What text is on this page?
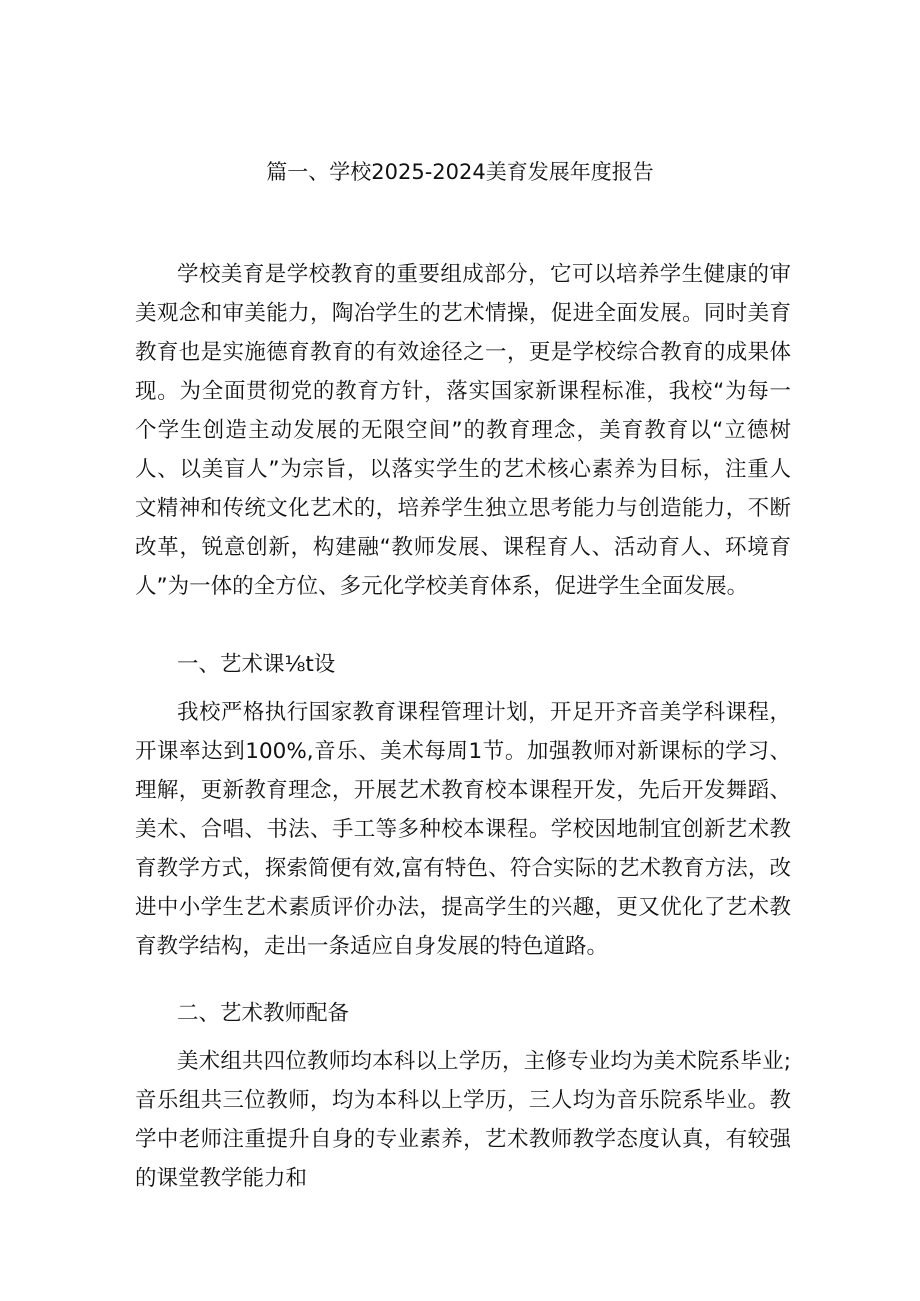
篇一、学校2025-2024美育发展年度报告

学校美育是学校教育的重要组成部分，它可以培养学生健康的审美观念和审美能力，陶冶学生的艺术情操，促进全面发展。同时美育教育也是实施德育教育的有效途径之一，更是学校综合教育的成果体现。为全面贯彻党的教育方针，落实国家新课程标准，我校“为每一个学生创造主动发展的无限空间”的教育理念，美育教育以“立德树人、以美盲人”为宗旨，以落实学生的艺术核心素养为目标，注重人文精神和传统文化艺术的，培养学生独立思考能力与创造能力，不断改革，锐意创新，构建融“教师发展、课程育人、活动育人、环境育人”为一体的全方位、多元化学校美育体系，促进学生全面发展。

一、艺术课⅛t设

我校严格执行国家教育课程管理计划，开足开齐音美学科课程，开课率达到100%,音乐、美术每周1节。加强教师对新课标的学习、理解，更新教育理念，开展艺术教育校本课程开发，先后开发舞蹈、美术、合唱、书法、手工等多种校本课程。学校因地制宜创新艺术教育教学方式，探索简便有效,富有特色、符合实际的艺术教育方法，改进中小学生艺术素质评价办法，提高学生的兴趣，更又优化了艺术教育教学结构，走出一条适应自身发展的特色道路。

二、艺术教师配备

美术组共四位教师均本科以上学历，主修专业均为美术院系毕业;音乐组共三位教师，均为本科以上学历，三人均为音乐院系毕业。教学中老师注重提升自身的专业素养，艺术教师教学态度认真，有较强的课堂教学能力和
